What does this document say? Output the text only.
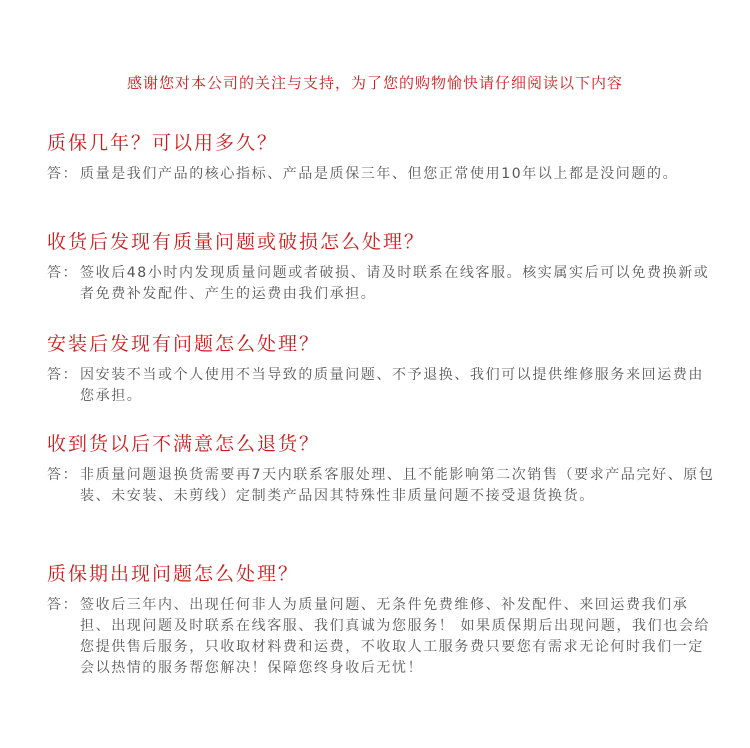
感谢您对本公司的关注与支持，为了您的购物愉快请仔细阅读以下内容
质保几年？可以用多久？
答： 质量是我们产品的核心指标、产品是质保三年、但您正常使用10年以上都是没问题的。
收货后发现有质量问题或破损怎么处理？
答： 签收后48小时内发现质量问题或者破损、请及时联系在线客服。核实属实后可以免费换新或者免费补发配件、产生的运费由我们承担。
安装后发现有问题怎么处理？
答： 因安装不当或个人使用不当导致的质量问题、不予退换、我们可以提供维修服务来回运费由您承担。
收到货以后不满意怎么退货？
答： 非质量问题退换货需要再7天内联系客服处理、且不能影响第二次销售（要求产品完好、原包装、未安装、未剪线）定制类产品因其特殊性非质量问题不接受退货换货。
质保期出现问题怎么处理？
答： 签收后三年内、出现任何非人为质量问题、无条件免费维修、补发配件、来回运费我们承担、出现问题及时联系在线客服、我们真诚为您服务！ 如果质保期后出现问题，我们也会给您提供售后服务，只收取材料费和运费，不收取人工服务费只要您有需求无论何时我们一定会以热情的服务帮您解决！保障您终身收后无忧！
